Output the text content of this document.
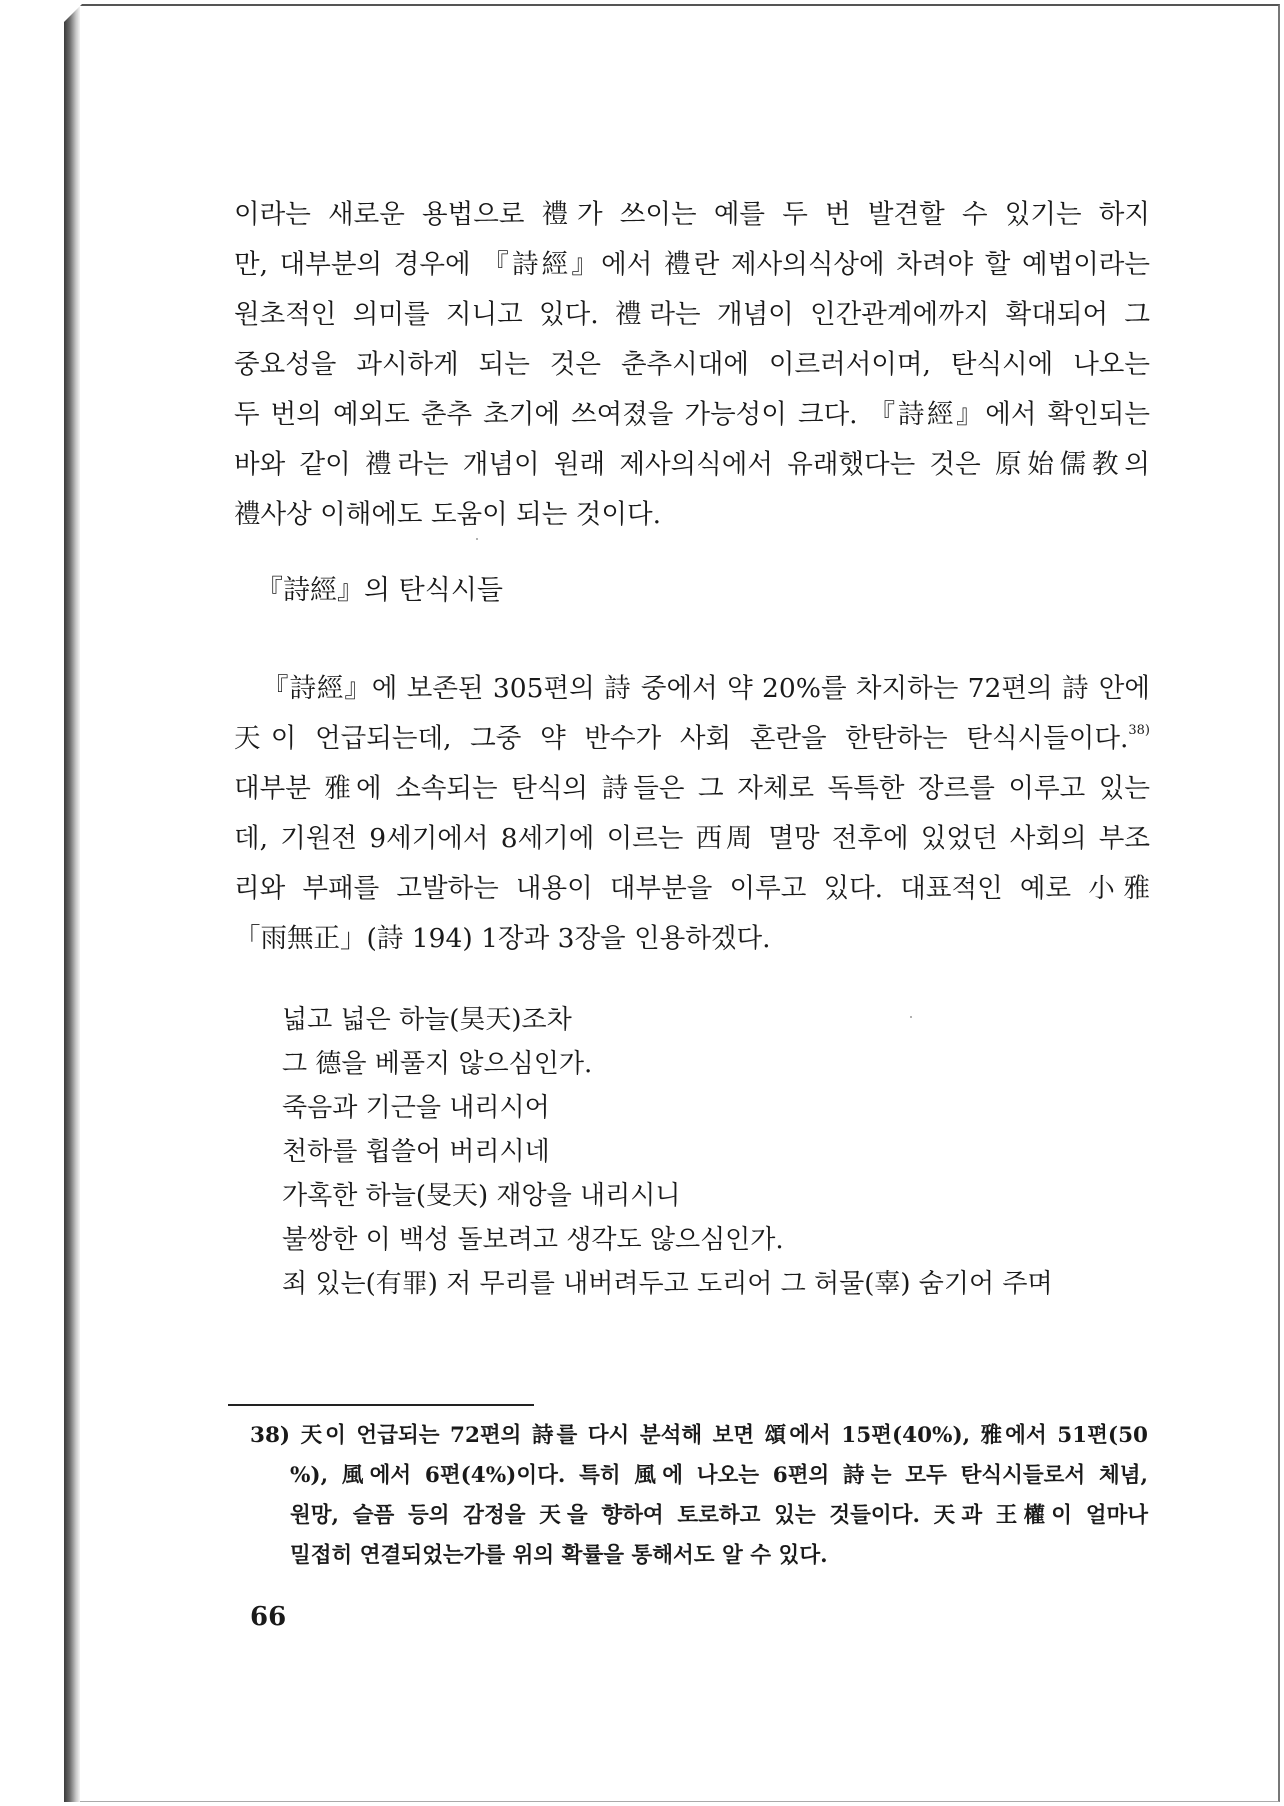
이라는 새로운 용법으로 禮가 쓰이는 예를 두 번 발견할 수 있기는 하지
만, 대부분의 경우에 『詩經』에서 禮란 제사의식상에 차려야 할 예법이라는
원초적인 의미를 지니고 있다. 禮라는 개념이 인간관계에까지 확대되어 그
중요성을 과시하게 되는 것은 춘추시대에 이르러서이며, 탄식시에 나오는
두 번의 예외도 춘추 초기에 쓰여졌을 가능성이 크다. 『詩經』에서 확인되는
바와 같이 禮라는 개념이 원래 제사의식에서 유래했다는 것은 原始儒教의
禮사상 이해에도 도움이 되는 것이다.
『詩經』의 탄식시들
『詩經』에 보존된 305편의 詩 중에서 약 20%를 차지하는 72편의 詩 안에
天이 언급되는데, 그중 약 반수가 사회 혼란을 한탄하는 탄식시들이다.$^{38)}$
대부분 雅에 소속되는 탄식의 詩들은 그 자체로 독특한 장르를 이루고 있는
데, 기원전 9세기에서 8세기에 이르는 西周 멸망 전후에 있었던 사회의 부조
리와 부패를 고발하는 내용이 대부분을 이루고 있다. 대표적인 예로 小雅
「雨無正」(詩 194) 1장과 3장을 인용하겠다.
넓고 넓은 하늘(昊天)조차
그 德을 베풀지 않으심인가.
죽음과 기근을 내리시어
천하를 휩쓸어 버리시네
가혹한 하늘(旻天) 재앙을 내리시니
불쌍한 이 백성 돌보려고 생각도 않으심인가.
죄 있는(有罪) 저 무리를 내버려두고 도리어 그 허물(辜) 숨기어 주며
38) 天이 언급되는 72편의 詩를 다시 분석해 보면 頌에서 15편(40%), 雅에서 51편(50
%), 風에서 6편(4%)이다. 특히 風에 나오는 6편의 詩는 모두 탄식시들로서 체념,
원망, 슬픔 등의 감정을 天을 향하여 토로하고 있는 것들이다. 天과 王權이 얼마나
밀접히 연결되었는가를 위의 확률을 통해서도 알 수 있다.
66
